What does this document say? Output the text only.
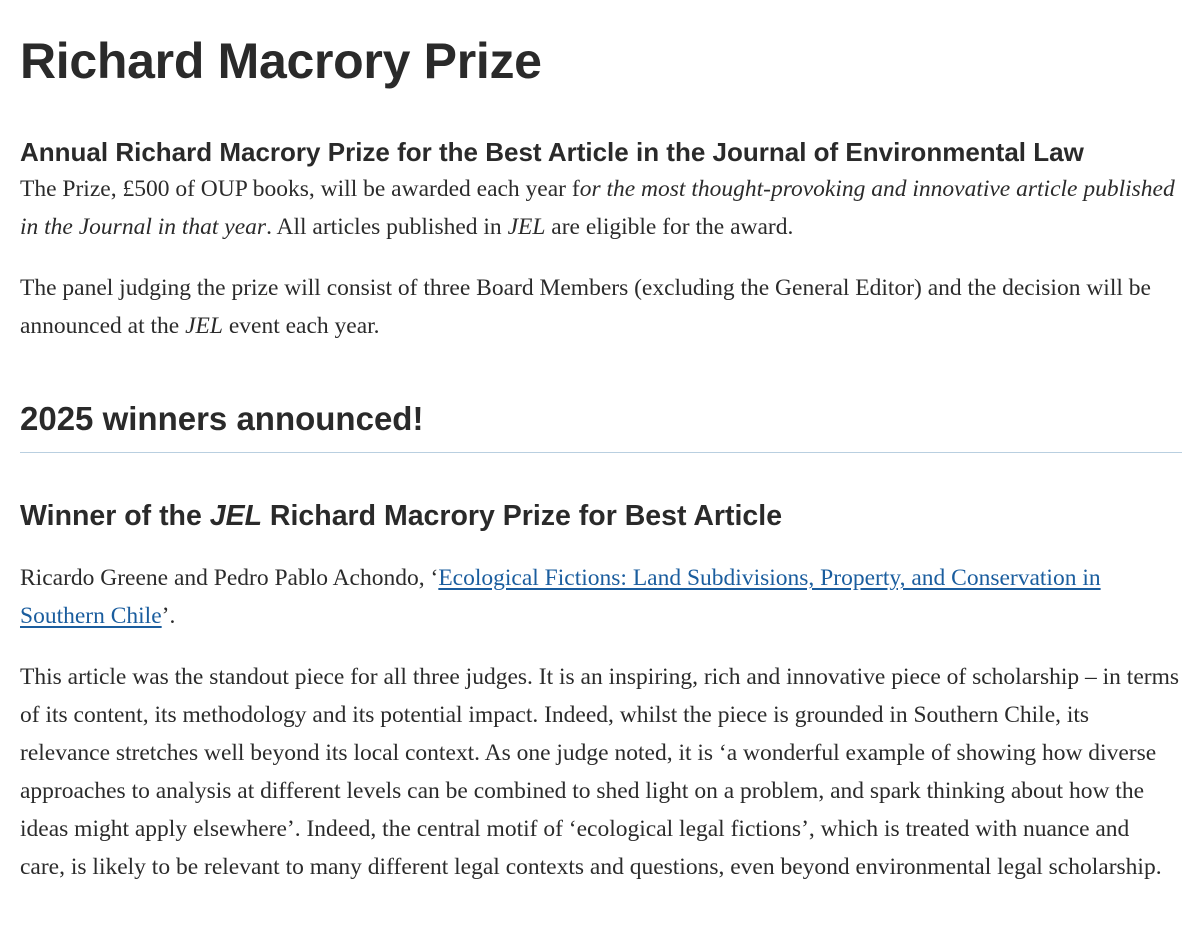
Richard Macrory Prize
Annual Richard Macrory Prize for the Best Article in the Journal of Environmental Law

The Prize, £500 of OUP books, will be awarded each year for the most thought-provoking and innovative article published in the Journal in that year. All articles published in JEL are eligible for the award.

The panel judging the prize will consist of three Board Members (excluding the General Editor) and the decision will be announced at the JEL event each year.

2025 winners announced!
Winner of the JEL Richard Macrory Prize for Best Article

Ricardo Greene and Pedro Pablo Achondo, ‘Ecological Fictions: Land Subdivisions, Property, and Conservation in Southern Chile’.

This article was the standout piece for all three judges. It is an inspiring, rich and innovative piece of scholarship – in terms of its content, its methodology and its potential impact. Indeed, whilst the piece is grounded in Southern Chile, its relevance stretches well beyond its local context. As one judge noted, it is ‘a wonderful example of showing how diverse approaches to analysis at different levels can be combined to shed light on a problem, and spark thinking about how the ideas might apply elsewhere’. Indeed, the central motif of ‘ecological legal fictions’, which is treated with nuance and care, is likely to be relevant to many different legal contexts and questions, even beyond environmental legal scholarship.
